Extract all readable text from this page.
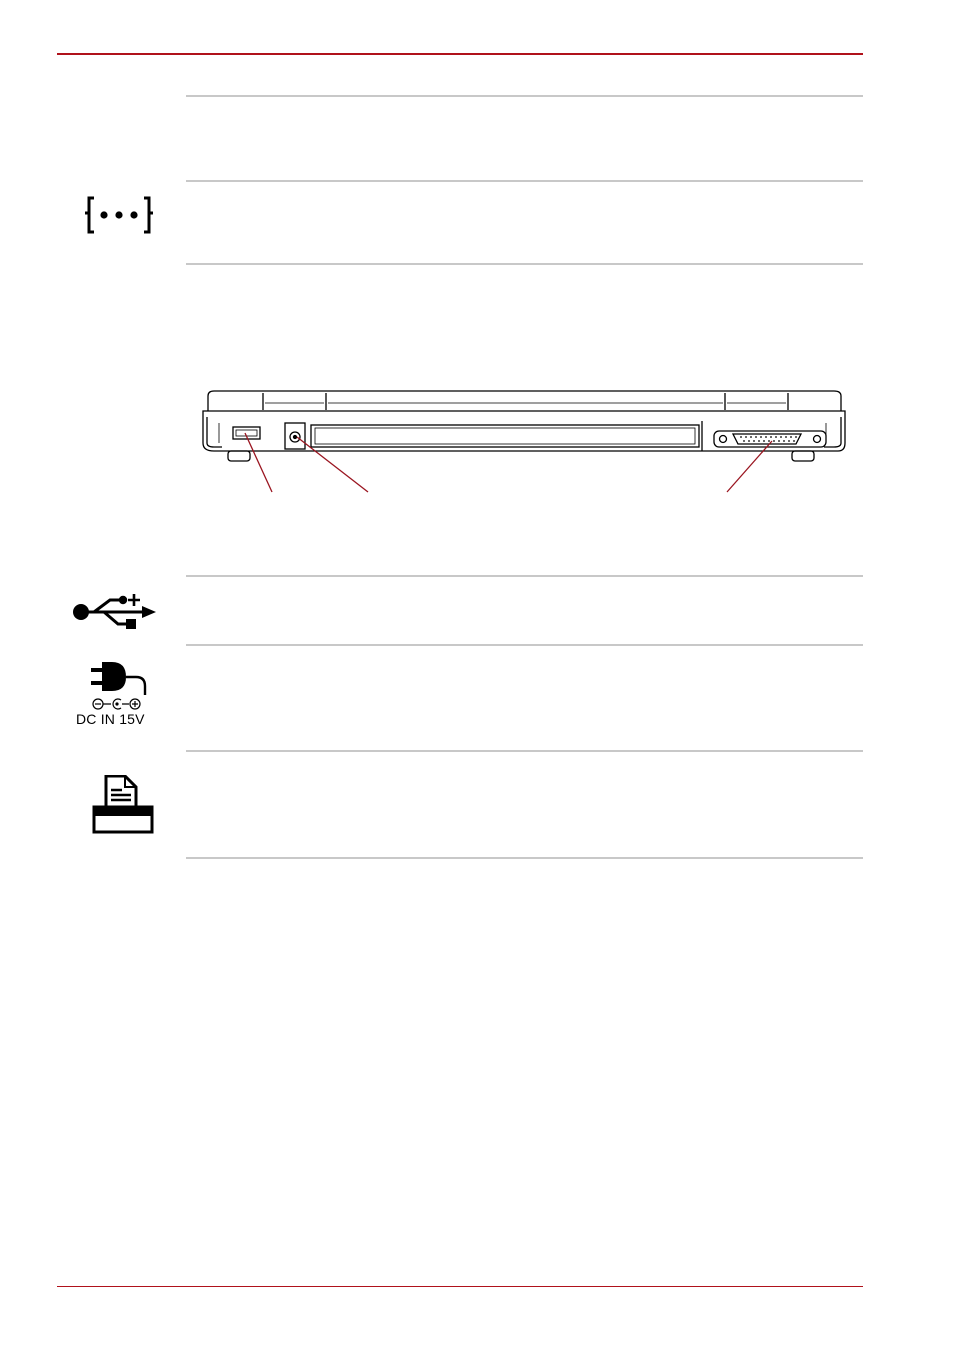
DC IN 15V
